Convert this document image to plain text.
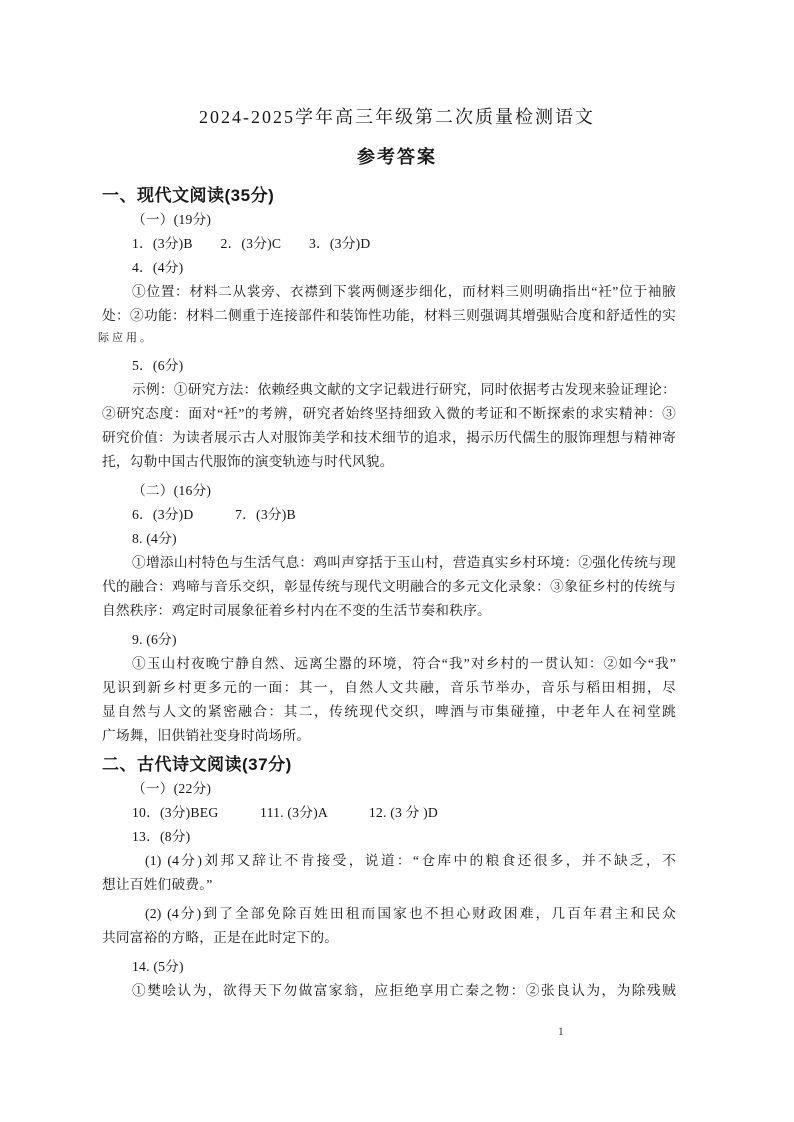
2024-2025学年高三年级第二次质量检测语文
参考答案
一、现代文阅读(35分)
（一）(19分)
1．(3分)B　　2．(3分)C　　3．(3分)D
4．(4分)
①位置：材料二从裳旁、衣襟到下裳两侧逐步细化，而材料三则明确指出“衽”位于袖腋
处：②功能：材料二侧重于连接部件和装饰性功能，材料三则强调其增强贴合度和舒适性的实
际应用。
5．(6分)
示例：①研究方法：依赖经典文献的文字记载进行研究，同时依据考古发现来验证理论：
②研究态度：面对“衽”的考辨，研究者始终坚持细致入微的考证和不断探索的求实精神：③
研究价值：为读者展示古人对服饰美学和技术细节的追求，揭示历代儒生的服饰理想与精神寄
托，勾勒中国古代服饰的演变轨迹与时代风貌。
（二）(16分)
6．(3分)D　　　7．(3分)B
8. (4分)
①增添山村特色与生活气息：鸡叫声穿括于玉山村，营造真实乡村环境：②强化传统与现
代的融合：鸡啼与音乐交织，彰显传统与现代文明融合的多元文化录象：③象征乡村的传统与
自然秩序：鸡定时司展象征着乡村内在不变的生活节奏和秩序。
9. (6分)
①玉山村夜晚宁静自然、远离尘嚣的环境，符合“我”对乡村的一贯认知：②如今“我”
见识到新乡村更多元的一面：其一，自然人文共融，音乐节举办，音乐与稻田相拥，尽
显自然与人文的紧密融合：其二，传统现代交织，啤酒与市集碰撞，中老年人在祠堂跳
广场舞，旧供销社变身时尚场所。
二、古代诗文阅读(37分)
（一）(22分)
10．(3分)BEG　　　111. (3分)A　　　12. (3 分 )D
13．(8分)
(1) (4分)刘邦又辞让不肯接受，说道：“仓库中的粮食还很多，并不缺乏，不
想让百姓们破费。”
(2) (4分)到了全部免除百姓田租而国家也不担心财政困难，几百年君主和民众
共同富裕的方略，正是在此时定下的。
14. (5分)
①樊哙认为，欲得天下勿做富家翁，应拒绝享用亡秦之物：②张良认为，为除残贼
1
